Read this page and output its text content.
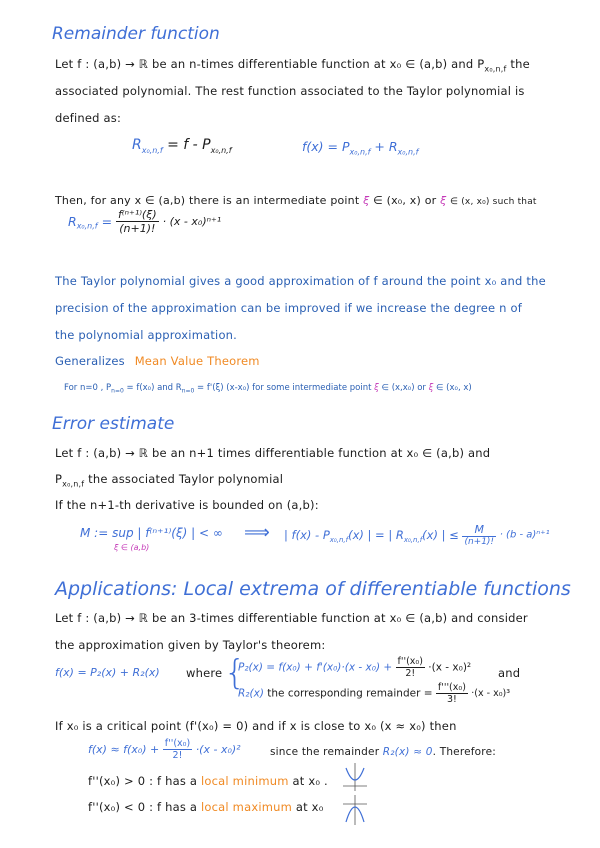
Remainder function
Let f : (a,b) → ℝ be an n-times differentiable function at x₀ ∈ (a,b) and $P_{x_0,n,f}$ the
associated polynomial. The rest function associated to the Taylor polynomial is
defined as:
$R_{x_0,n,f} = f - P_{x_0,n,f}$	$f(x) = P_{x_0,n,f} + R_{x_0,n,f}$
Then, for any x ∈ (a,b) there is an intermediate point ξ ∈ (x₀, x) or ξ ∈ (x, x₀) such that
$R_{x_0,n,f} = \frac{\text{f⁽ⁿ⁺¹⁾(ξ)}}{(n+1)!} \cdot (x - x_0)^{n+1}$
The Taylor polynomial gives a good approximation of f around the point x₀ and the
precision of the approximation can be improved if we increase the degree n of
the polynomial approximation.
Generalizes Mean Value Theorem
For n=0 , $P_{n=0} = f(x_0)$ and $R_{n=0} = f'(\xi)$ (x-x₀) for some intermediate point ξ ∈ (x,x₀) or ξ ∈ (x₀, x)
Error estimate
Let f : (a,b) → ℝ be an n+1 times differentiable function at x₀ ∈ (a,b) and
$P_{x_0,n,f}$ the associated Taylor polynomial
If the n+1-th derivative is bounded on (a,b):
M := sup | f⁽ⁿ⁺¹⁾(ξ) | < ∞
ξ ∈ (a,b)
⟹ | $f(x) - P_{x_0,n,f}(x)$ | = | $R_{x_0,n,f}(x)$ | ≤ $\frac{M}{(n+1)!} \cdot (b - a)^{n+1}$
Applications: Local extrema of differentiable functions
Let f : (a,b) → ℝ be an 3-times differentiable function at x₀ ∈ (a,b) and consider
the approximation given by Taylor's theorem:
f(x) = P₂(x) + R₂(x) where {
$P_2(x) = f(x_0) + f'(x_0)\cdot(x - x_0) + \frac{\text{f''(x₀)}}{2!} \cdot(x - x_0)^2$ and
R₂(x) the corresponding remainder = $\frac{\text{f'''(x₀)}}{3!} \cdot(x - x_0)^3$
If x₀ is a critical point (f'(x₀) = 0) and if x is close to x₀ (x ≈ x₀) then
$f(x) \approx f(x_0) + \frac{\text{f''(x₀)}}{2!} \cdot(x - x_0)^2$	since the remainder R₂(x) ≈ 0. Therefore:
f''(x₀) > 0 : f has a local minimum at x₀ .
f''(x₀) < 0 : f has a local maximum at x₀
